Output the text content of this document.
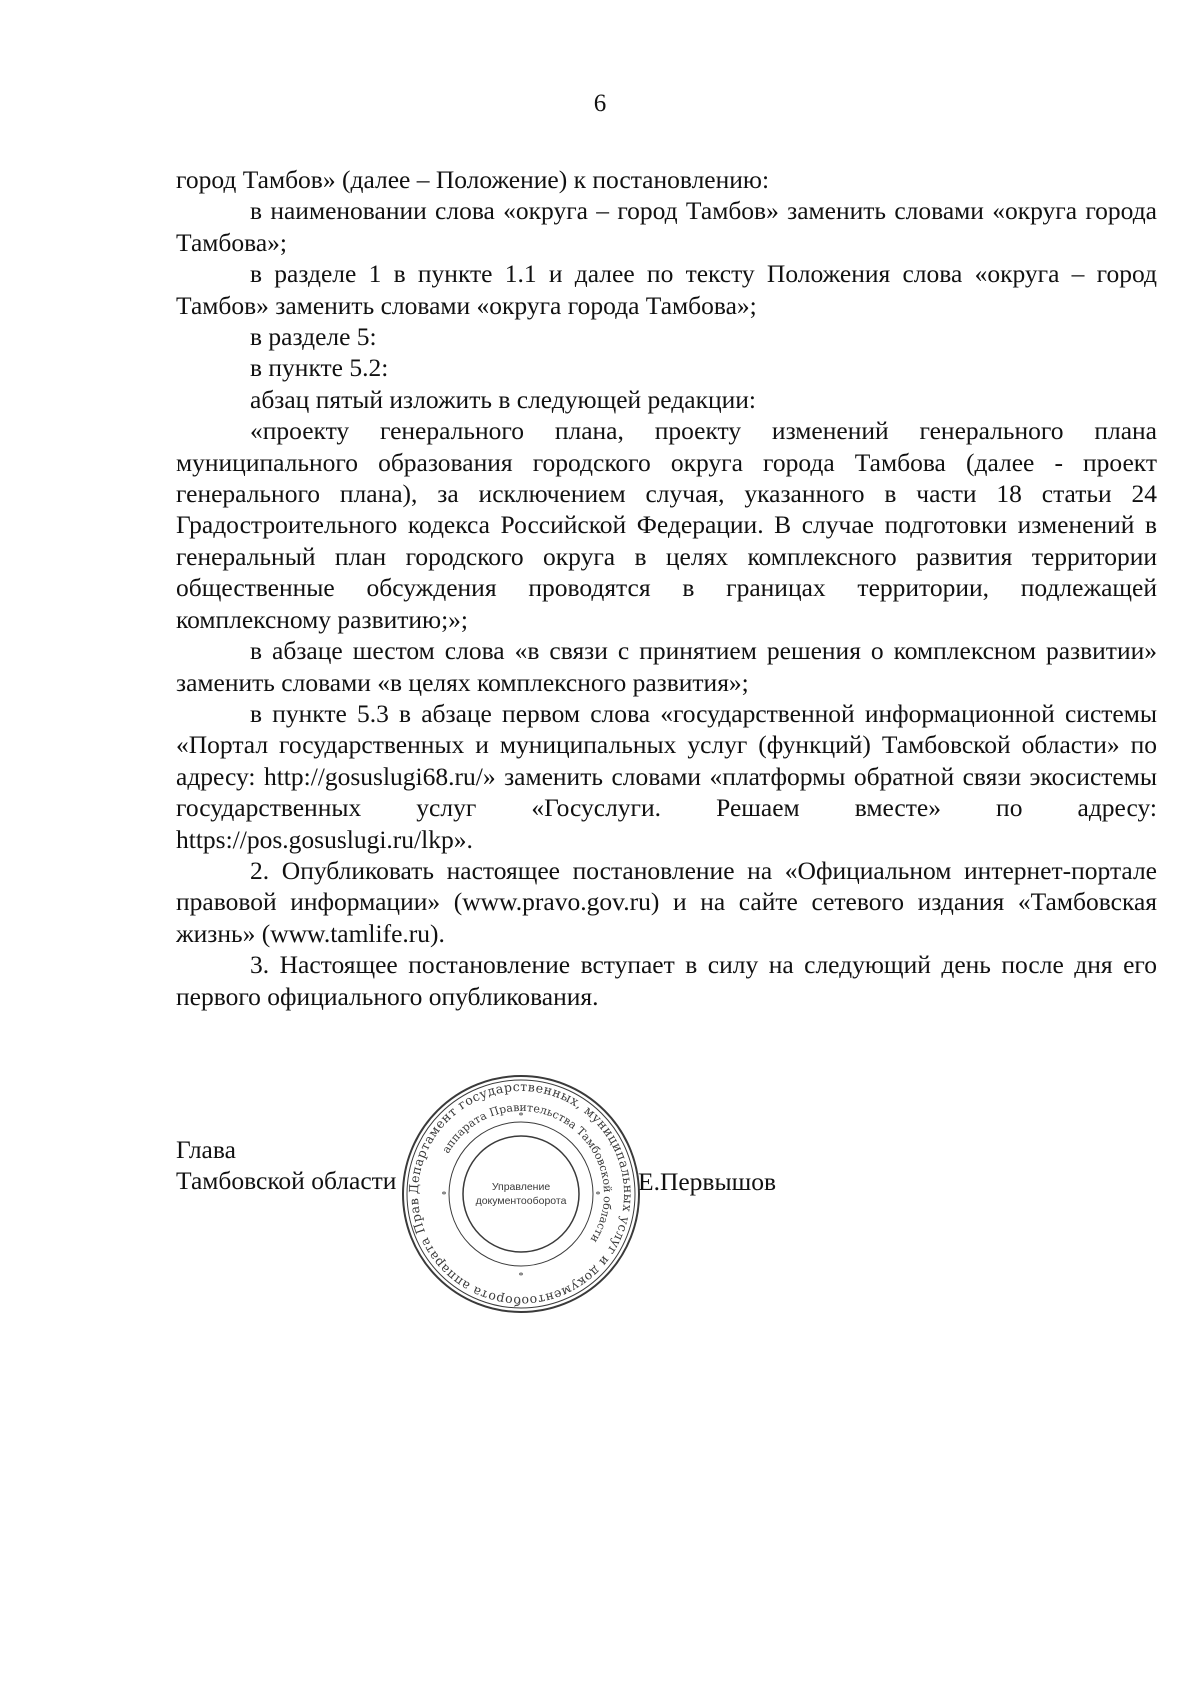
6

город Тамбов» (далее – Положение) к постановлению:

в наименовании слова «округа – город Тамбов» заменить словами «округа города Тамбова»;

в разделе 1 в пункте 1.1 и далее по тексту Положения слова «округа – город Тамбов» заменить словами «округа города Тамбова»;

в разделе 5:

в пункте 5.2:

абзац пятый изложить в следующей редакции:

«проекту генерального плана, проекту изменений генерального плана муниципального образования городского округа города Тамбова (далее - проект генерального плана), за исключением случая, указанного в части 18 статьи 24 Градостроительного кодекса Российской Федерации. В случае подготовки изменений в генеральный план городского округа в целях комплексного развития территории общественные обсуждения проводятся в границах территории, подлежащей комплексному развитию;»;

в абзаце шестом слова «в связи с принятием решения о комплексном развитии» заменить словами «в целях комплексного развития»;

в пункте 5.3 в абзаце первом слова «государственной информационной системы «Портал государственных и муниципальных услуг (функций) Тамбовской области» по адресу: http://gosuslugi68.ru/» заменить словами «платформы обратной связи экосистемы государственных услуг «Госуслуги. Решаем вместе» по адресу: https://pos.gosuslugi.ru/lkp».

2. Опубликовать настоящее постановление на «Официальном интернет-портале правовой информации» (www.pravo.gov.ru) и на сайте сетевого издания «Тамбовская жизнь» (www.tamlife.ru).

3. Настоящее постановление вступает в силу на следующий день после дня его первого официального опубликования.

Глава
Тамбовской области	Е.Первышов
Департамент государственных, муниципальных услуг и документооборота аппарата Прав
аппарата Правительства Тамбовской области
Управление
документооборота
*
*
*	*
